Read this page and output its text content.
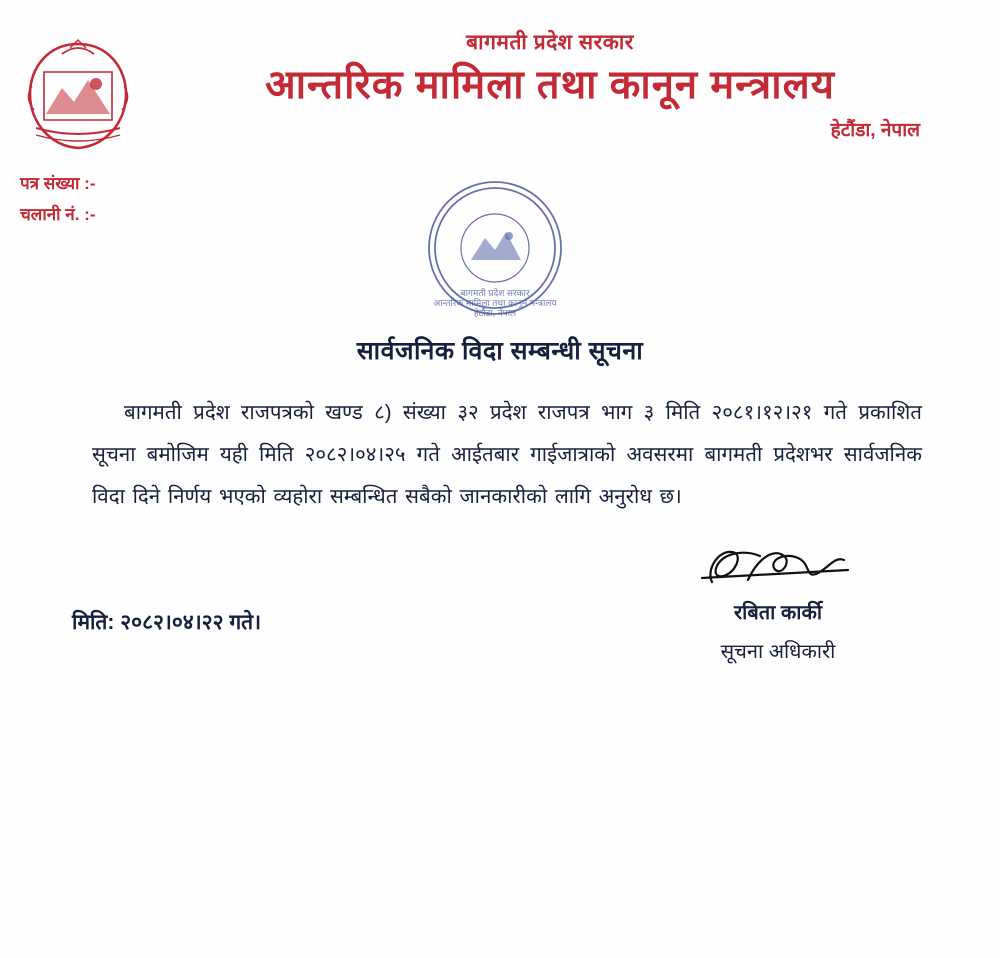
बागमती प्रदेश सरकार
आन्तरिक मामिला तथा कानून मन्त्रालय
हेटौंडा, नेपाल
पत्र संख्या :-
चलानी नं. :-
बागमती प्रदेश सरकार
आन्तरिक मामिला तथा कानून मन्त्रालय
हेटौंडा, नेपाल
सार्वजनिक विदा सम्बन्धी सूचना
बागमती प्रदेश राजपत्रको खण्ड ८) संख्या ३२ प्रदेश राजपत्र भाग ३ मिति २०८१।१२।२१ गते प्रकाशित सूचना बमोजिम यही मिति २०८२।०४।२५ गते आईतबार गाईजात्राको अवसरमा बागमती प्रदेशभर सार्वजनिक विदा दिने निर्णय भएको व्यहोरा सम्बन्धित सबैको जानकारीको लागि अनुरोध छ।
रबिता कार्की
सूचना अधिकारी
मिति: २०८२।०४।२२ गते।
